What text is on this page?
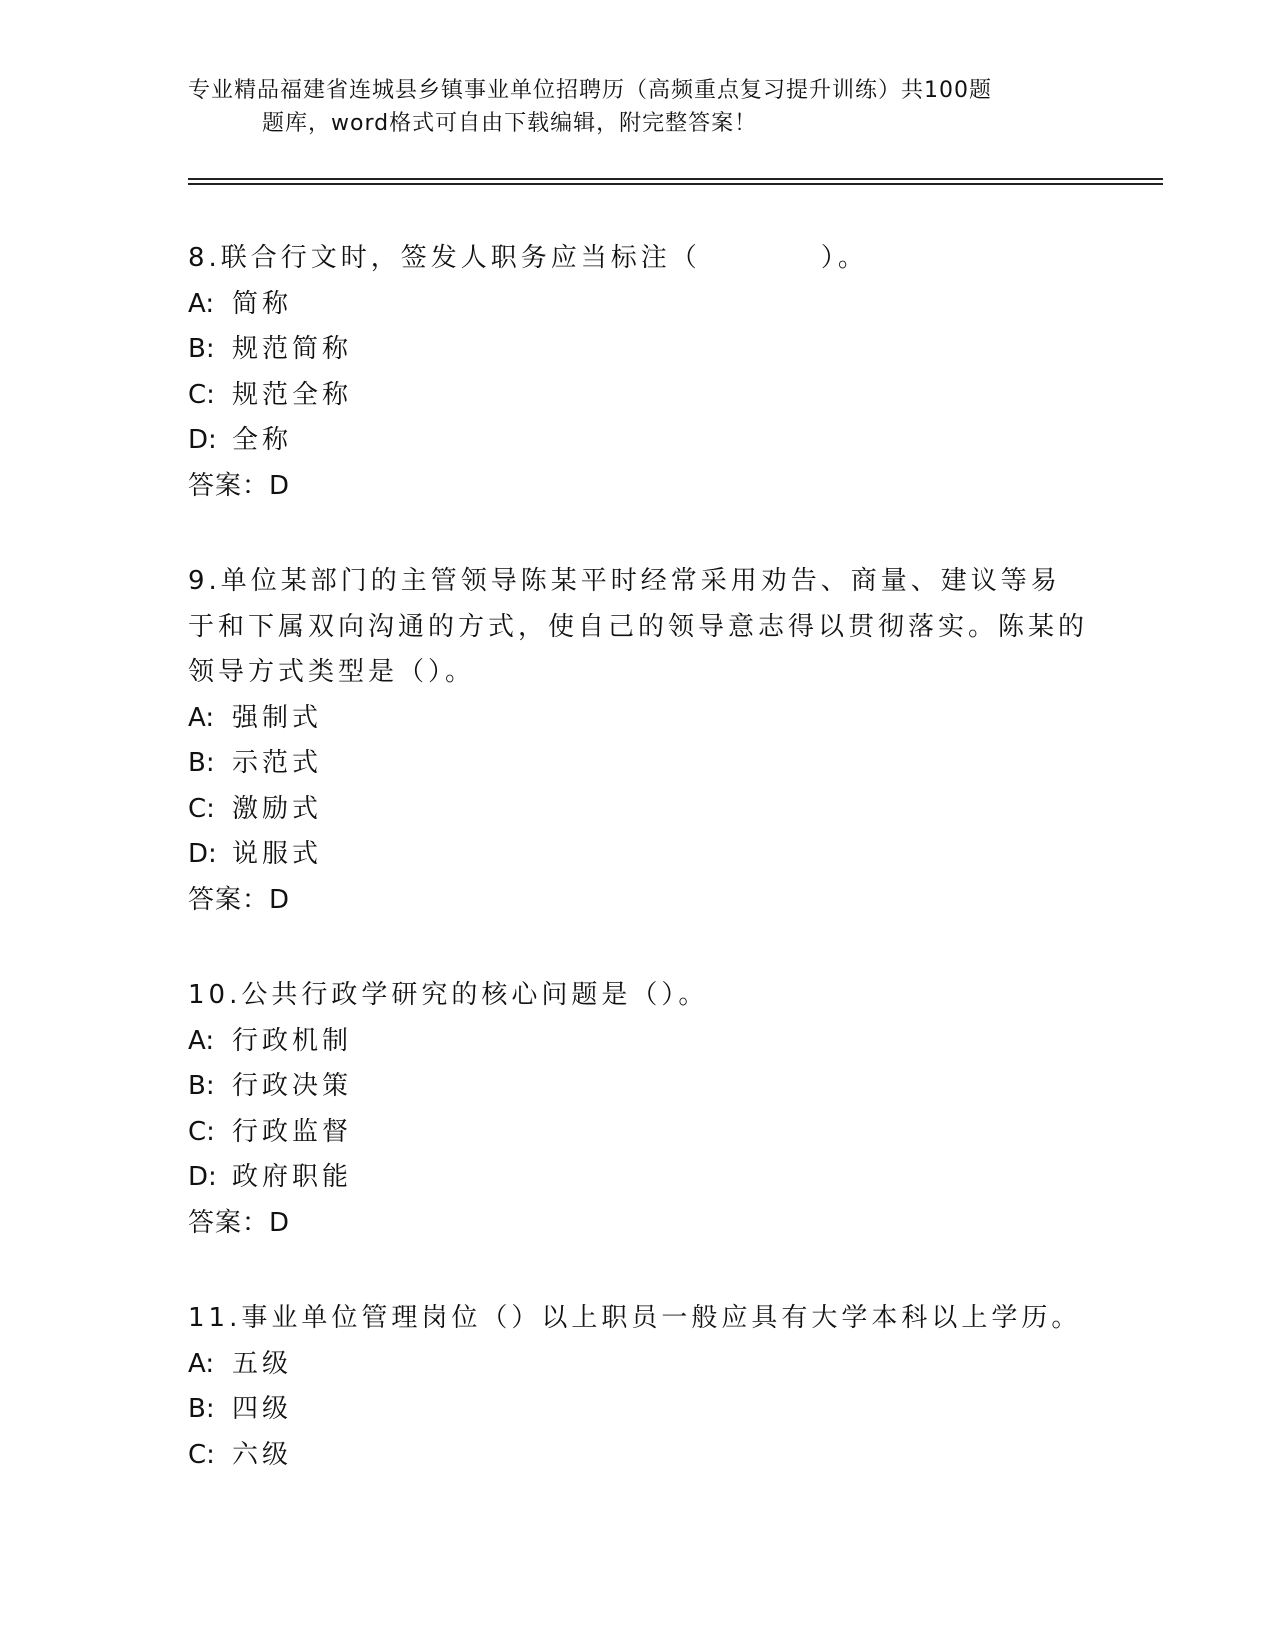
专业精品福建省连城县乡镇事业单位招聘历（高频重点复习提升训练）共100题
题库，word格式可自由下载编辑，附完整答案！
8.联合行文时，签发人职务应当标注（	）。
A: 简称
B: 规范简称
C: 规范全称
D: 全称
答案：D
9.单位某部门的主管领导陈某平时经常采用劝告、商量、建议等易于和下属双向沟通的方式，使自己的领导意志得以贯彻落实。陈某的领导方式类型是（）。
A: 强制式
B: 示范式
C: 激励式
D: 说服式
答案：D
10.公共行政学研究的核心问题是（）。
A: 行政机制
B: 行政决策
C: 行政监督
D: 政府职能
答案：D
11.事业单位管理岗位（）以上职员一般应具有大学本科以上学历。
A: 五级
B: 四级
C: 六级
